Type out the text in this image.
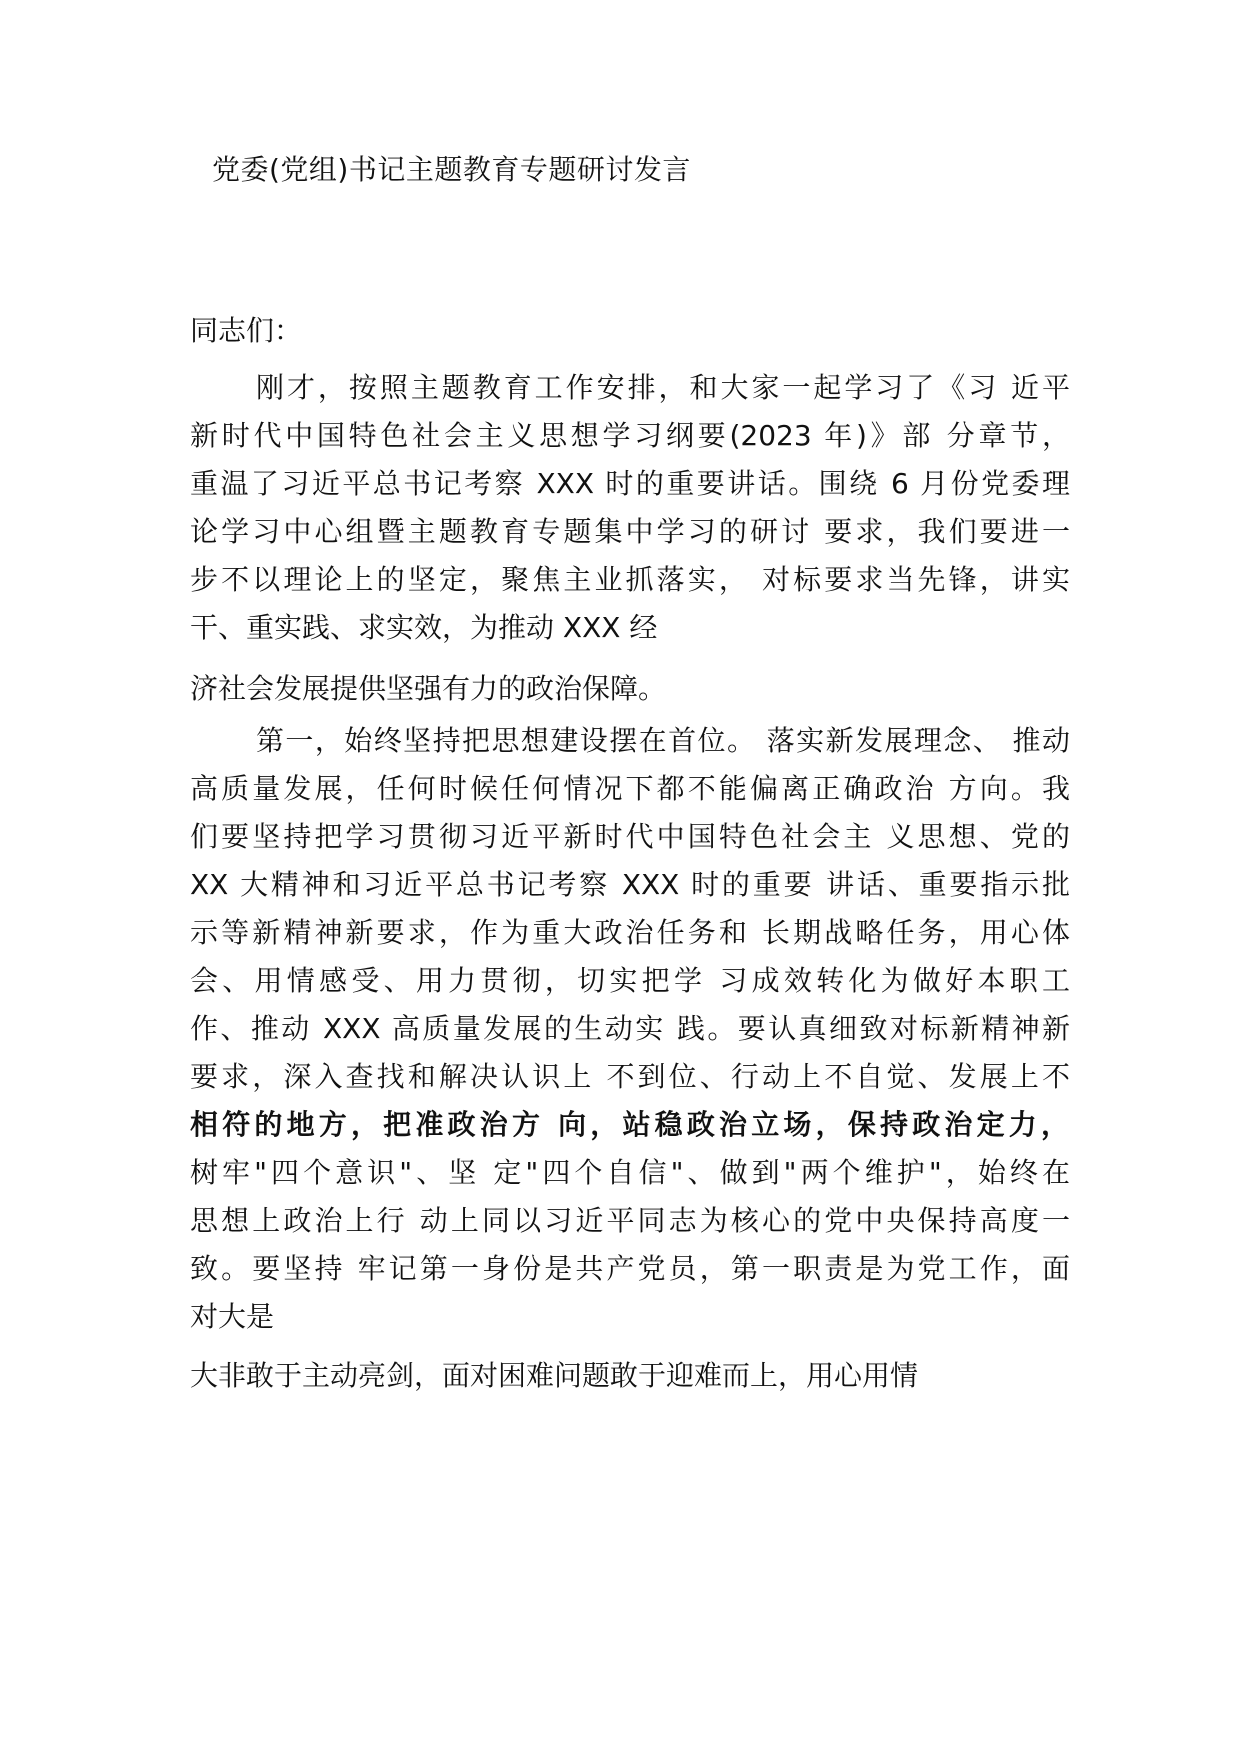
党委(党组)书记主题教育专题研讨发言
同志们：
刚才，按照主题教育工作安排，和大家一起学习了《习 近平
新时代中国特色社会主义思想学习纲要(2023 年)》部 分章节，
重温了习近平总书记考察 XXX 时的重要讲话。围绕 6 月份党委理
论学习中心组暨主题教育专题集中学习的研讨 要求，我们要进一
步不以理论上的坚定，聚焦主业抓落实， 对标要求当先锋，讲实
干、重实践、求实效，为推动 XXX 经
济社会发展提供坚强有力的政治保障。
第一，始终坚持把思想建设摆在首位。 落实新发展理念、 推动
高质量发展，任何时候任何情况下都不能偏离正确政治 方向。我
们要坚持把学习贯彻习近平新时代中国特色社会主 义思想、党的
XX 大精神和习近平总书记考察 XXX 时的重要 讲话、重要指示批
示等新精神新要求，作为重大政治任务和 长期战略任务，用心体
会、用情感受、用力贯彻，切实把学 习成效转化为做好本职工
作、推动 XXX 高质量发展的生动实 践。要认真细致对标新精神新
要求，深入查找和解决认识上 不到位、行动上不自觉、发展上不
相符的地方，把准政治方 向，站稳政治立场，保持政治定力，
树牢"四个意识"、坚 定"四个自信"、做到"两个维护"，始终在
思想上政治上行 动上同以习近平同志为核心的党中央保持高度一
致。要坚持 牢记第一身份是共产党员，第一职责是为党工作，面
对大是
大非敢于主动亮剑，面对困难问题敢于迎难而上，用心用情
